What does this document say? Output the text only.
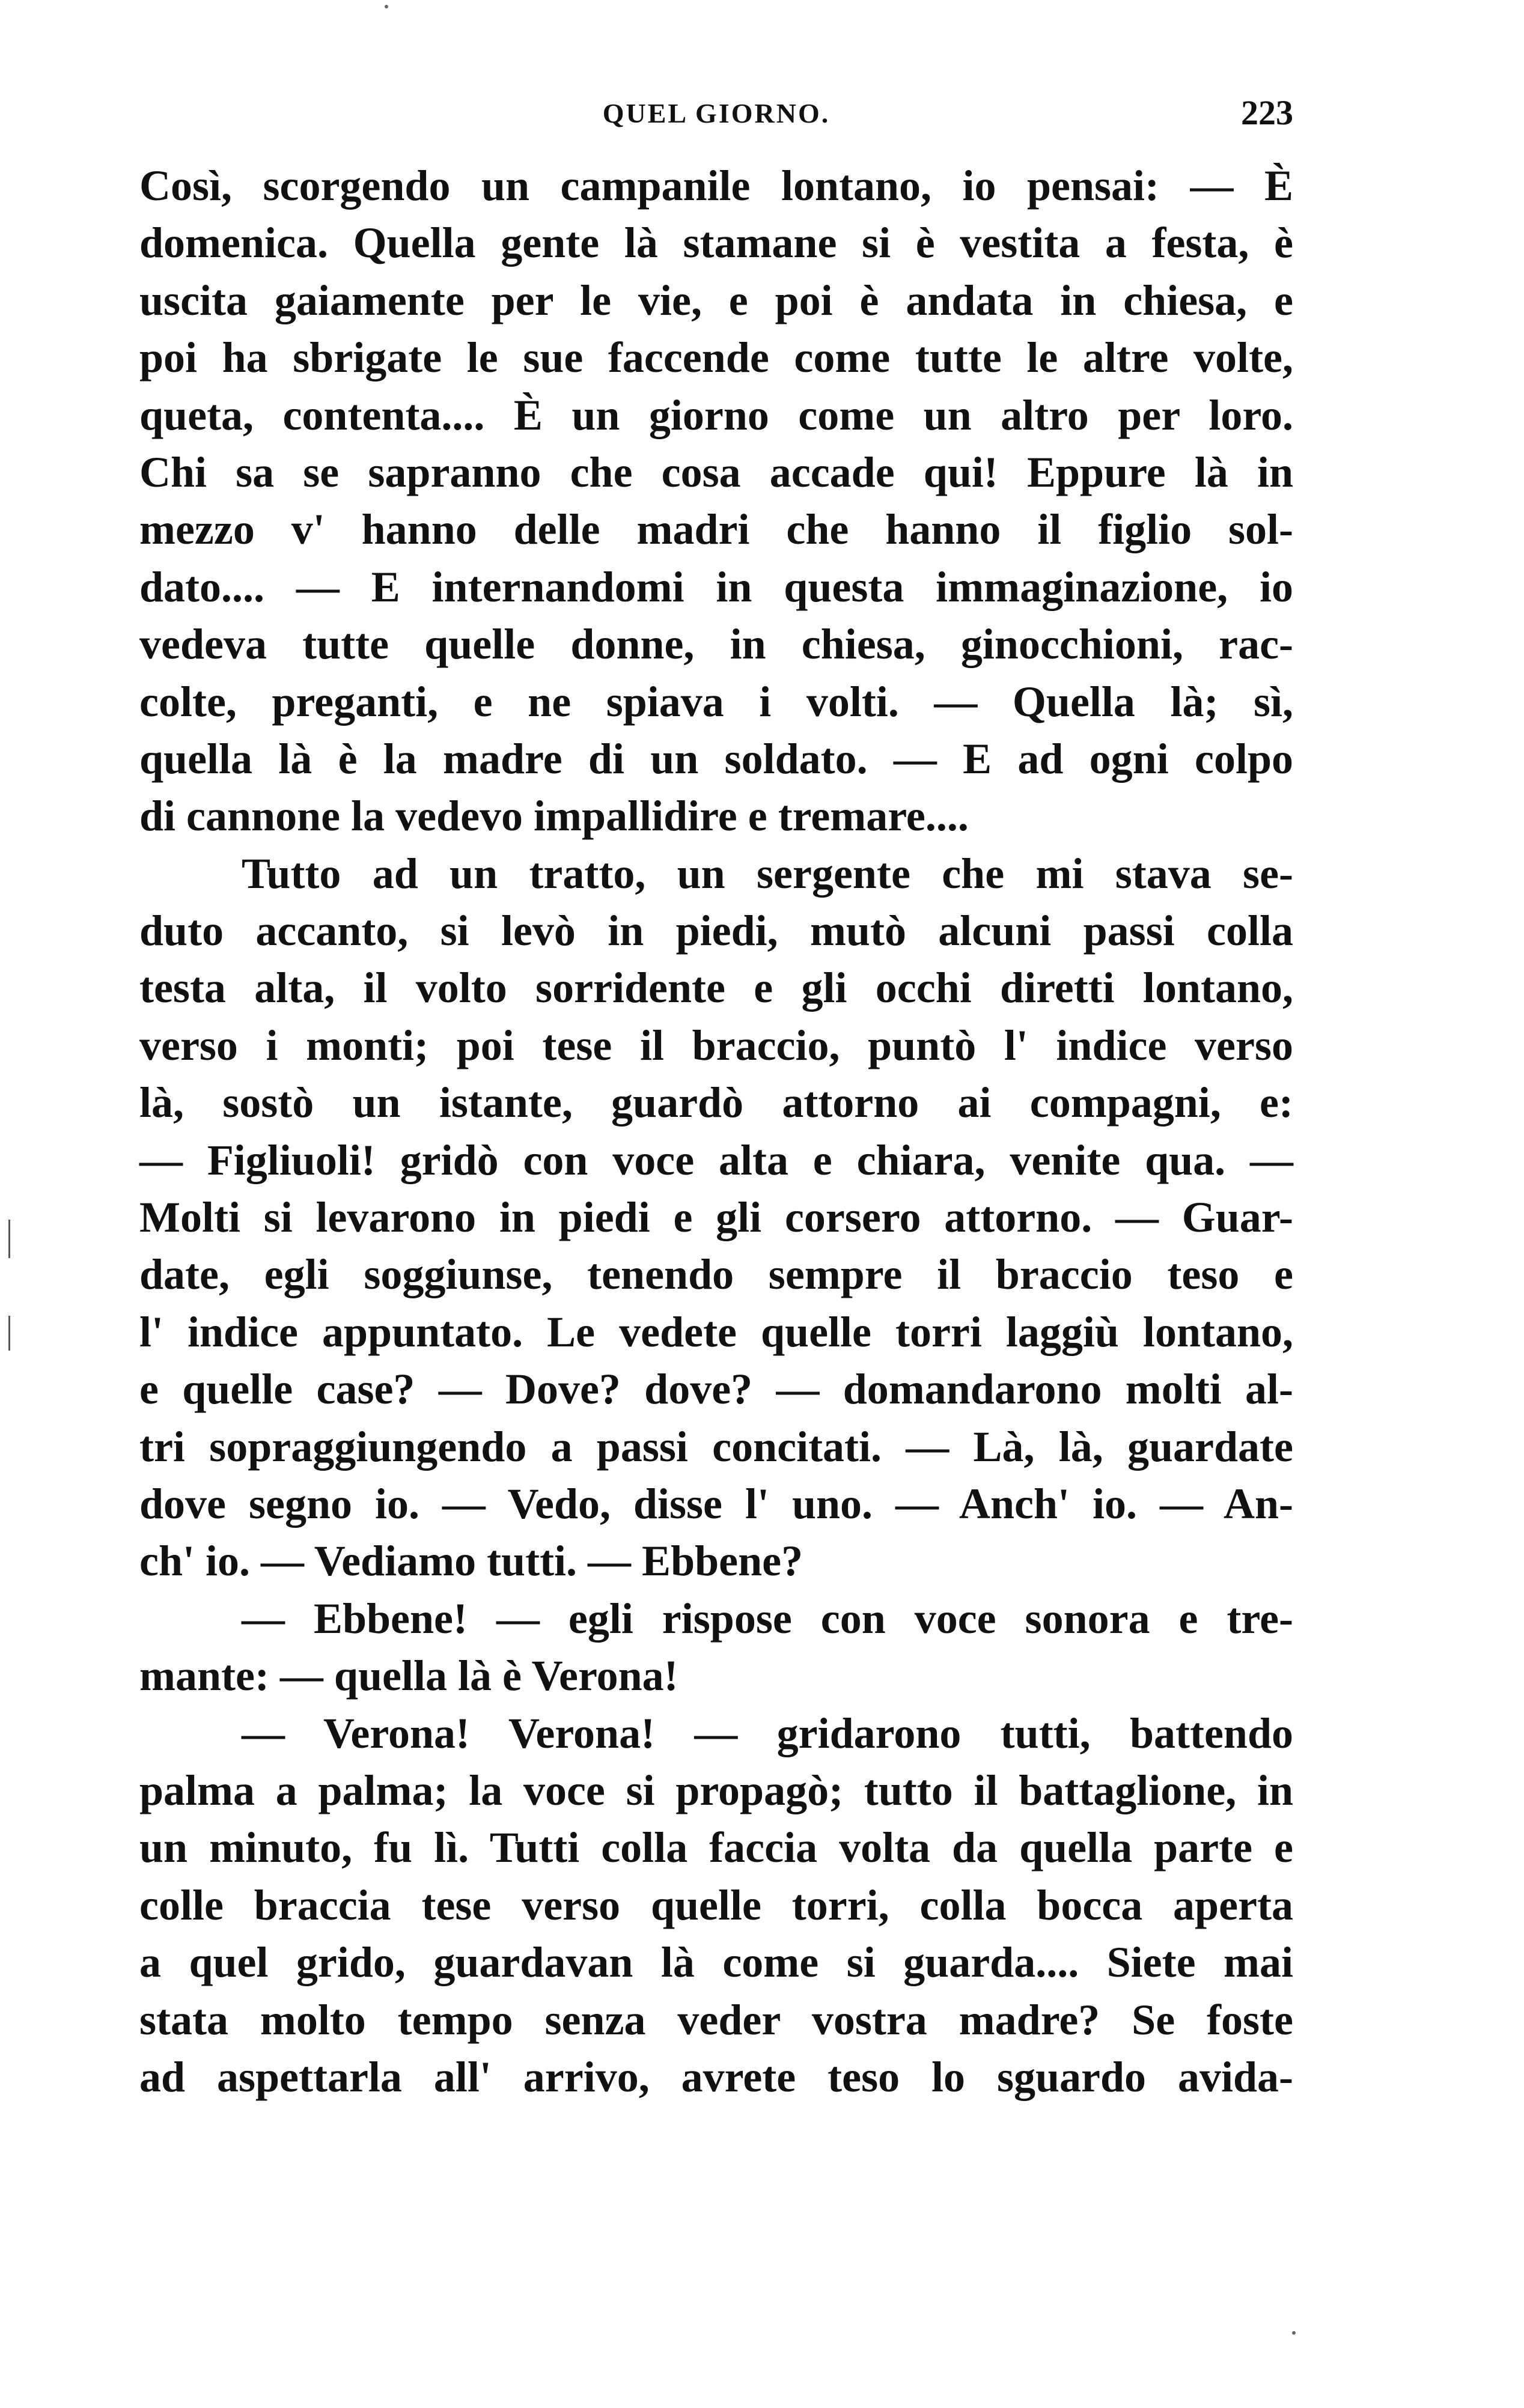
QUEL GIORNO.	223
Così, scorgendo un campanile lontano, io pensai: — È
domenica. Quella gente là stamane si è vestita a festa, è
uscita gaiamente per le vie, e poi è andata in chiesa, e
poi ha sbrigate le sue faccende come tutte le altre volte,
queta, contenta.... È un giorno come un altro per loro.
Chi sa se sapranno che cosa accade qui! Eppure là in
mezzo v' hanno delle madri che hanno il figlio sol-
dato.... — E internandomi in questa immaginazione, io
vedeva tutte quelle donne, in chiesa, ginocchioni, rac-
colte, preganti, e ne spiava i volti. — Quella là; sì,
quella là è la madre di un soldato. — E ad ogni colpo
di cannone la vedevo impallidire e tremare....
Tutto ad un tratto, un sergente che mi stava se-
duto accanto, si levò in piedi, mutò alcuni passi colla
testa alta, il volto sorridente e gli occhi diretti lontano,
verso i monti; poi tese il braccio, puntò l' indice verso
là, sostò un istante, guardò attorno ai compagni, e:
— Figliuoli! gridò con voce alta e chiara, venite qua. —
Molti si levarono in piedi e gli corsero attorno. — Guar-
date, egli soggiunse, tenendo sempre il braccio teso e
l' indice appuntato. Le vedete quelle torri laggiù lontano,
e quelle case? — Dove? dove? — domandarono molti al-
tri sopraggiungendo a passi concitati. — Là, là, guardate
dove segno io. — Vedo, disse l' uno. — Anch' io. — An-
ch' io. — Vediamo tutti. — Ebbene?
— Ebbene! — egli rispose con voce sonora e tre-
mante: — quella là è Verona!
— Verona! Verona! — gridarono tutti, battendo
palma a palma; la voce si propagò; tutto il battaglione, in
un minuto, fu lì. Tutti colla faccia volta da quella parte e
colle braccia tese verso quelle torri, colla bocca aperta
a quel grido, guardavan là come si guarda.... Siete mai
stata molto tempo senza veder vostra madre? Se foste
ad aspettarla all' arrivo, avrete teso lo sguardo avida-
